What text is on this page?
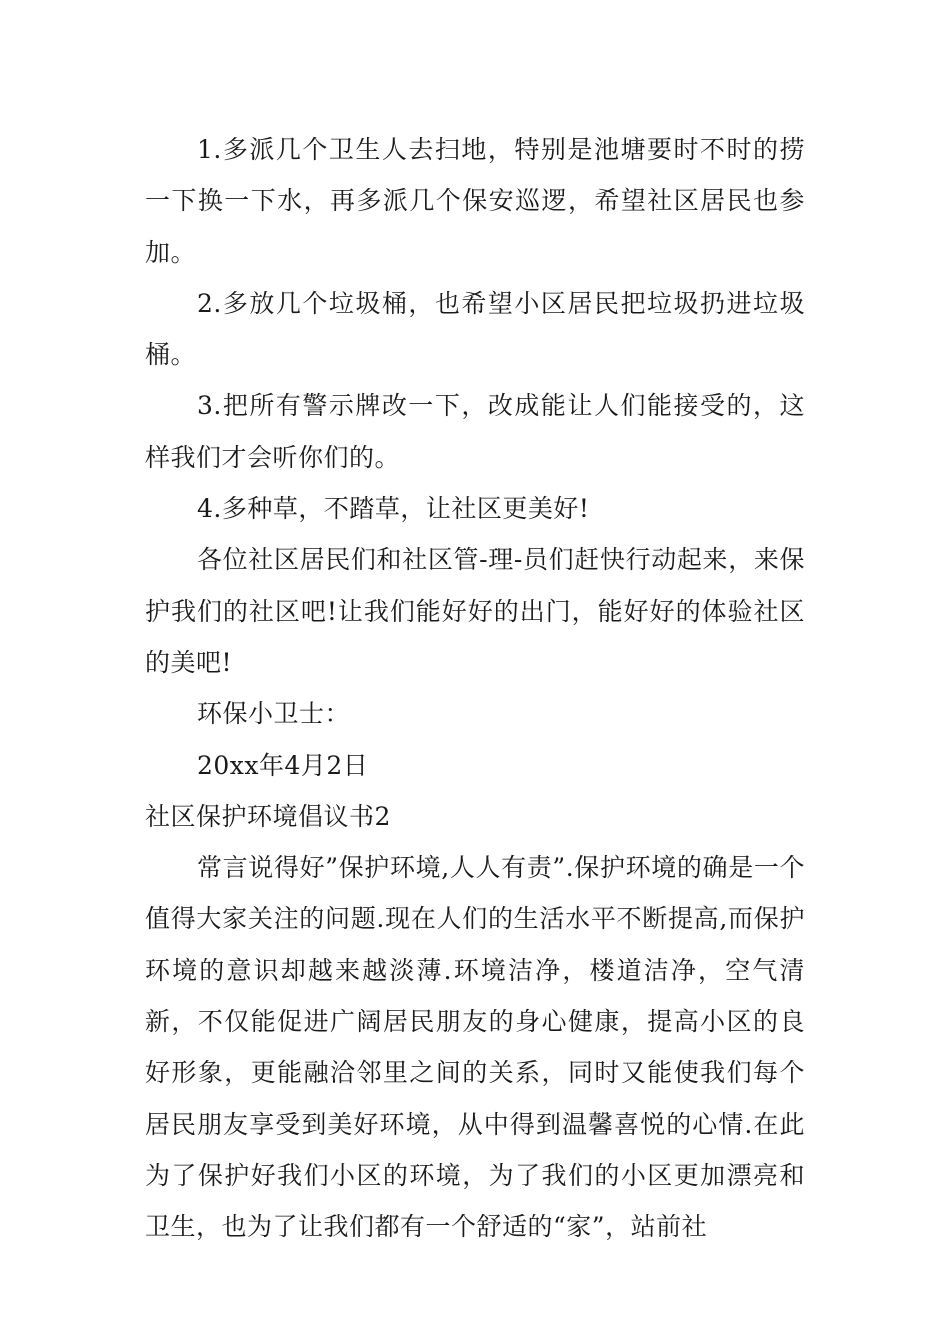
1.多派几个卫生人去扫地，特别是池塘要时不时的捞一下换一下水，再多派几个保安巡逻，希望社区居民也参加。

2.多放几个垃圾桶，也希望小区居民把垃圾扔进垃圾桶。

3.把所有警示牌改一下，改成能让人们能接受的，这样我们才会听你们的。

4.多种草，不踏草，让社区更美好!

各位社区居民们和社区管-理-员们赶快行动起来，来保护我们的社区吧!让我们能好好的出门，能好好的体验社区的美吧!

环保小卫士：

20xx年4月2日

社区保护环境倡议书2

常言说得好”保护环境,人人有责”.保护环境的确是一个值得大家关注的问题.现在人们的生活水平不断提高,而保护环境的意识却越来越淡薄.环境洁净，楼道洁净，空气清新，不仅能促进广阔居民朋友的身心健康，提高小区的良好形象，更能融洽邻里之间的关系，同时又能使我们每个居民朋友享受到美好环境，从中得到温馨喜悦的心情.在此为了保护好我们小区的环境，为了我们的小区更加漂亮和卫生，也为了让我们都有一个舒适的“家”，站前社
